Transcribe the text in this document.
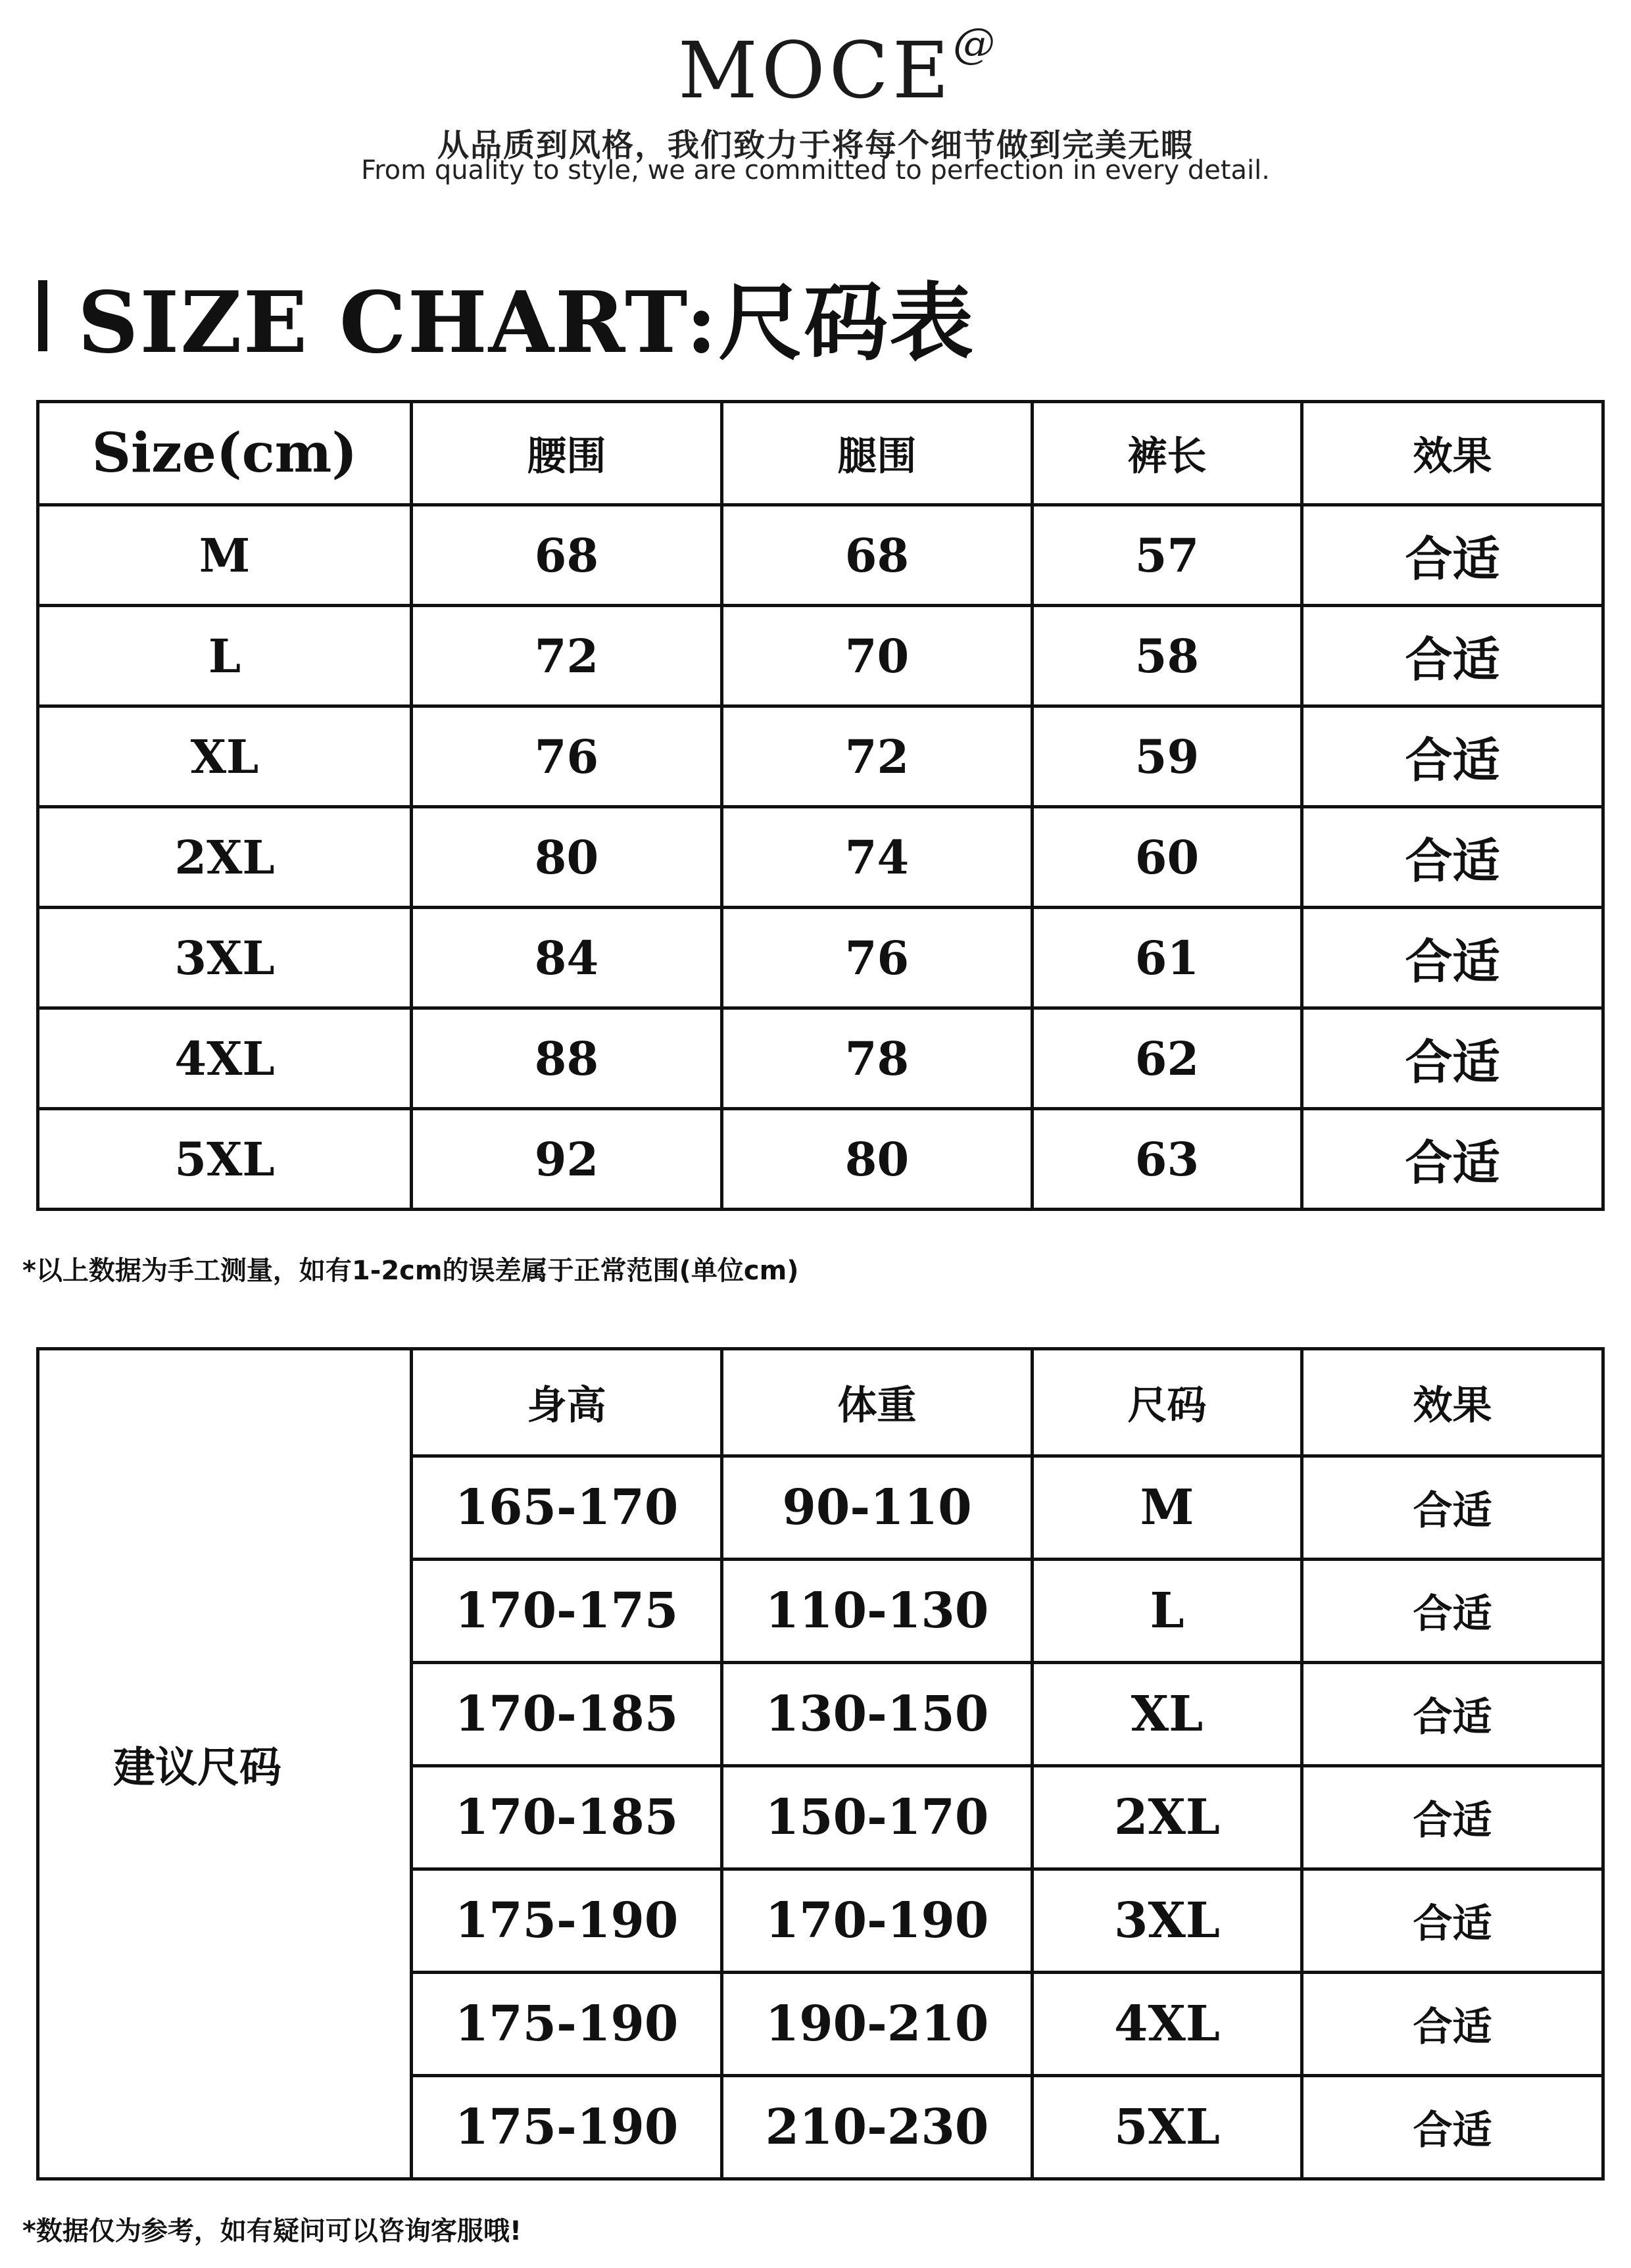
MOCE @
从品质到风格，我们致力于将每个细节做到完美无暇
From quality to style, we are committed to perfection in every detail.
SIZE CHART:尺码表
Size(cm)	腰围	腿围	裤长	效果
M	68	68	57	合适
L	72	70	58	合适
XL	76	72	59	合适
2XL	80	74	60	合适
3XL	84	76	61	合适
4XL	88	78	62	合适
5XL	92	80	63	合适
*以上数据为手工测量，如有1-2cm的误差属于正常范围(单位cm)
建议尺码	身高	体重	尺码	效果
	165-170	90-110	M	合适
	170-175	110-130	L	合适
	170-185	130-150	XL	合适
	170-185	150-170	2XL	合适
	175-190	170-190	3XL	合适
	175-190	190-210	4XL	合适
	175-190	210-230	5XL	合适
*数据仅为参考，如有疑问可以咨询客服哦!
